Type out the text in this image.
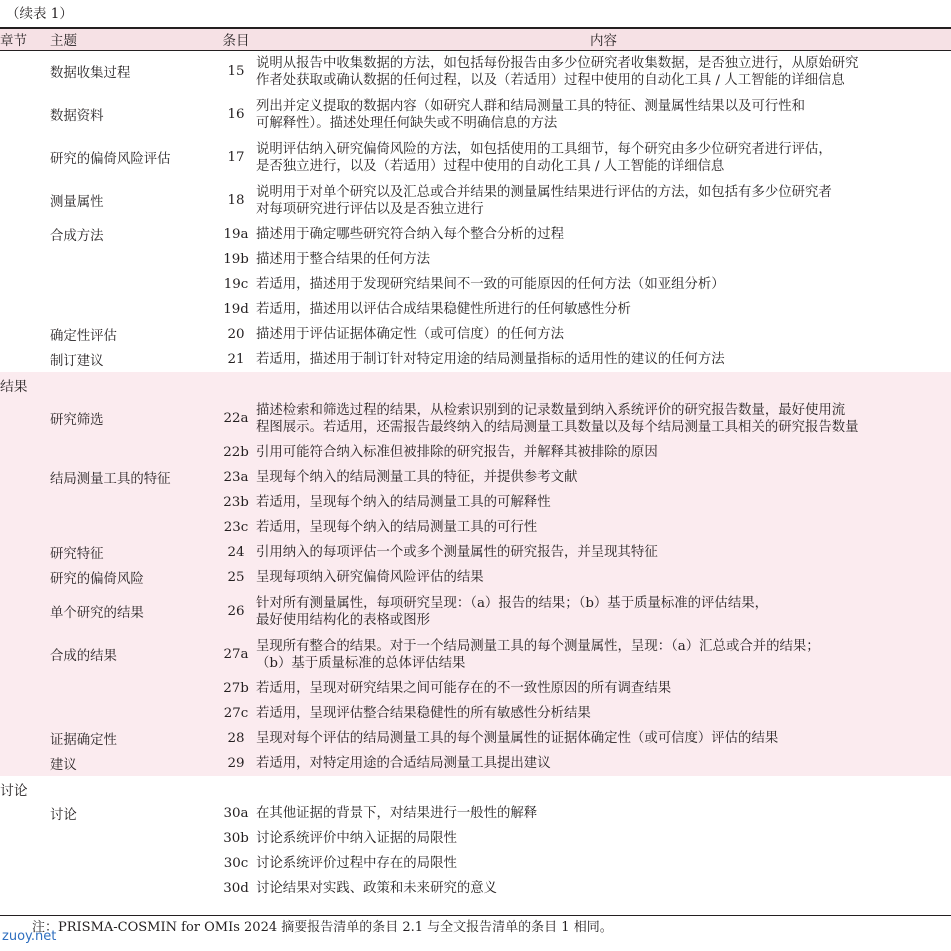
（续表 1）
章节	主题	条目	内容
	数据收集过程	15	说明从报告中收集数据的方法，如包括每份报告由多少位研究者收集数据，是否独立进行，从原始研究
作者处获取或确认数据的任何过程，以及（若适用）过程中使用的自动化工具 / 人工智能的详细信息

	数据资料	16	列出并定义提取的数据内容（如研究人群和结局测量工具的特征、测量属性结果以及可行性和
可解释性）。描述处理任何缺失或不明确信息的方法

	研究的偏倚风险评估	17	说明评估纳入研究偏倚风险的方法，如包括使用的工具细节，每个研究由多少位研究者进行评估，
是否独立进行，以及（若适用）过程中使用的自动化工具 / 人工智能的详细信息

	测量属性	18	说明用于对单个研究以及汇总或合并结果的测量属性结果进行评估的方法，如包括有多少位研究者
对每项研究进行评估以及是否独立进行

	合成方法	19a	描述用于确定哪些研究符合纳入每个整合分析的过程

		19b	描述用于整合结果的任何方法

		19c	若适用，描述用于发现研究结果间不一致的可能原因的任何方法（如亚组分析）

		19d	若适用，描述用以评估合成结果稳健性所进行的任何敏感性分析

	确定性评估	20	描述用于评估证据体确定性（或可信度）的任何方法

	制订建议	21	若适用，描述用于制订针对特定用途的结局测量指标的适用性的建议的任何方法

结果			
	研究筛选	22a	描述检索和筛选过程的结果，从检索识别到的记录数量到纳入系统评价的研究报告数量，最好使用流
程图展示。若适用，还需报告最终纳入的结局测量工具数量以及每个结局测量工具相关的研究报告数量

		22b	引用可能符合纳入标准但被排除的研究报告，并解释其被排除的原因

	结局测量工具的特征	23a	呈现每个纳入的结局测量工具的特征，并提供参考文献

		23b	若适用，呈现每个纳入的结局测量工具的可解释性

		23c	若适用，呈现每个纳入的结局测量工具的可行性

	研究特征	24	引用纳入的每项评估一个或多个测量属性的研究报告，并呈现其特征

	研究的偏倚风险	25	呈现每项纳入研究偏倚风险评估的结果

	单个研究的结果	26	针对所有测量属性，每项研究呈现：（a）报告的结果；（b）基于质量标准的评估结果，
最好使用结构化的表格或图形

	合成的结果	27a	呈现所有整合的结果。对于一个结局测量工具的每个测量属性，呈现：（a）汇总或合并的结果；
（b）基于质量标准的总体评估结果

		27b	若适用，呈现对研究结果之间可能存在的不一致性原因的所有调查结果

		27c	若适用，呈现评估整合结果稳健性的所有敏感性分析结果

	证据确定性	28	呈现对每个评估的结局测量工具的每个测量属性的证据体确定性（或可信度）评估的结果

	建议	29	若适用，对特定用途的合适结局测量工具提出建议

讨论			
	讨论	30a	在其他证据的背景下，对结果进行一般性的解释

		30b	讨论系统评价中纳入证据的局限性

		30c	讨论系统评价过程中存在的局限性

		30d	讨论结果对实践、政策和未来研究的意义
注：PRISMA-COSMIN for OMIs 2024 摘要报告清单的条目 2.1 与全文报告清单的条目 1 相同。
zuoy.net
